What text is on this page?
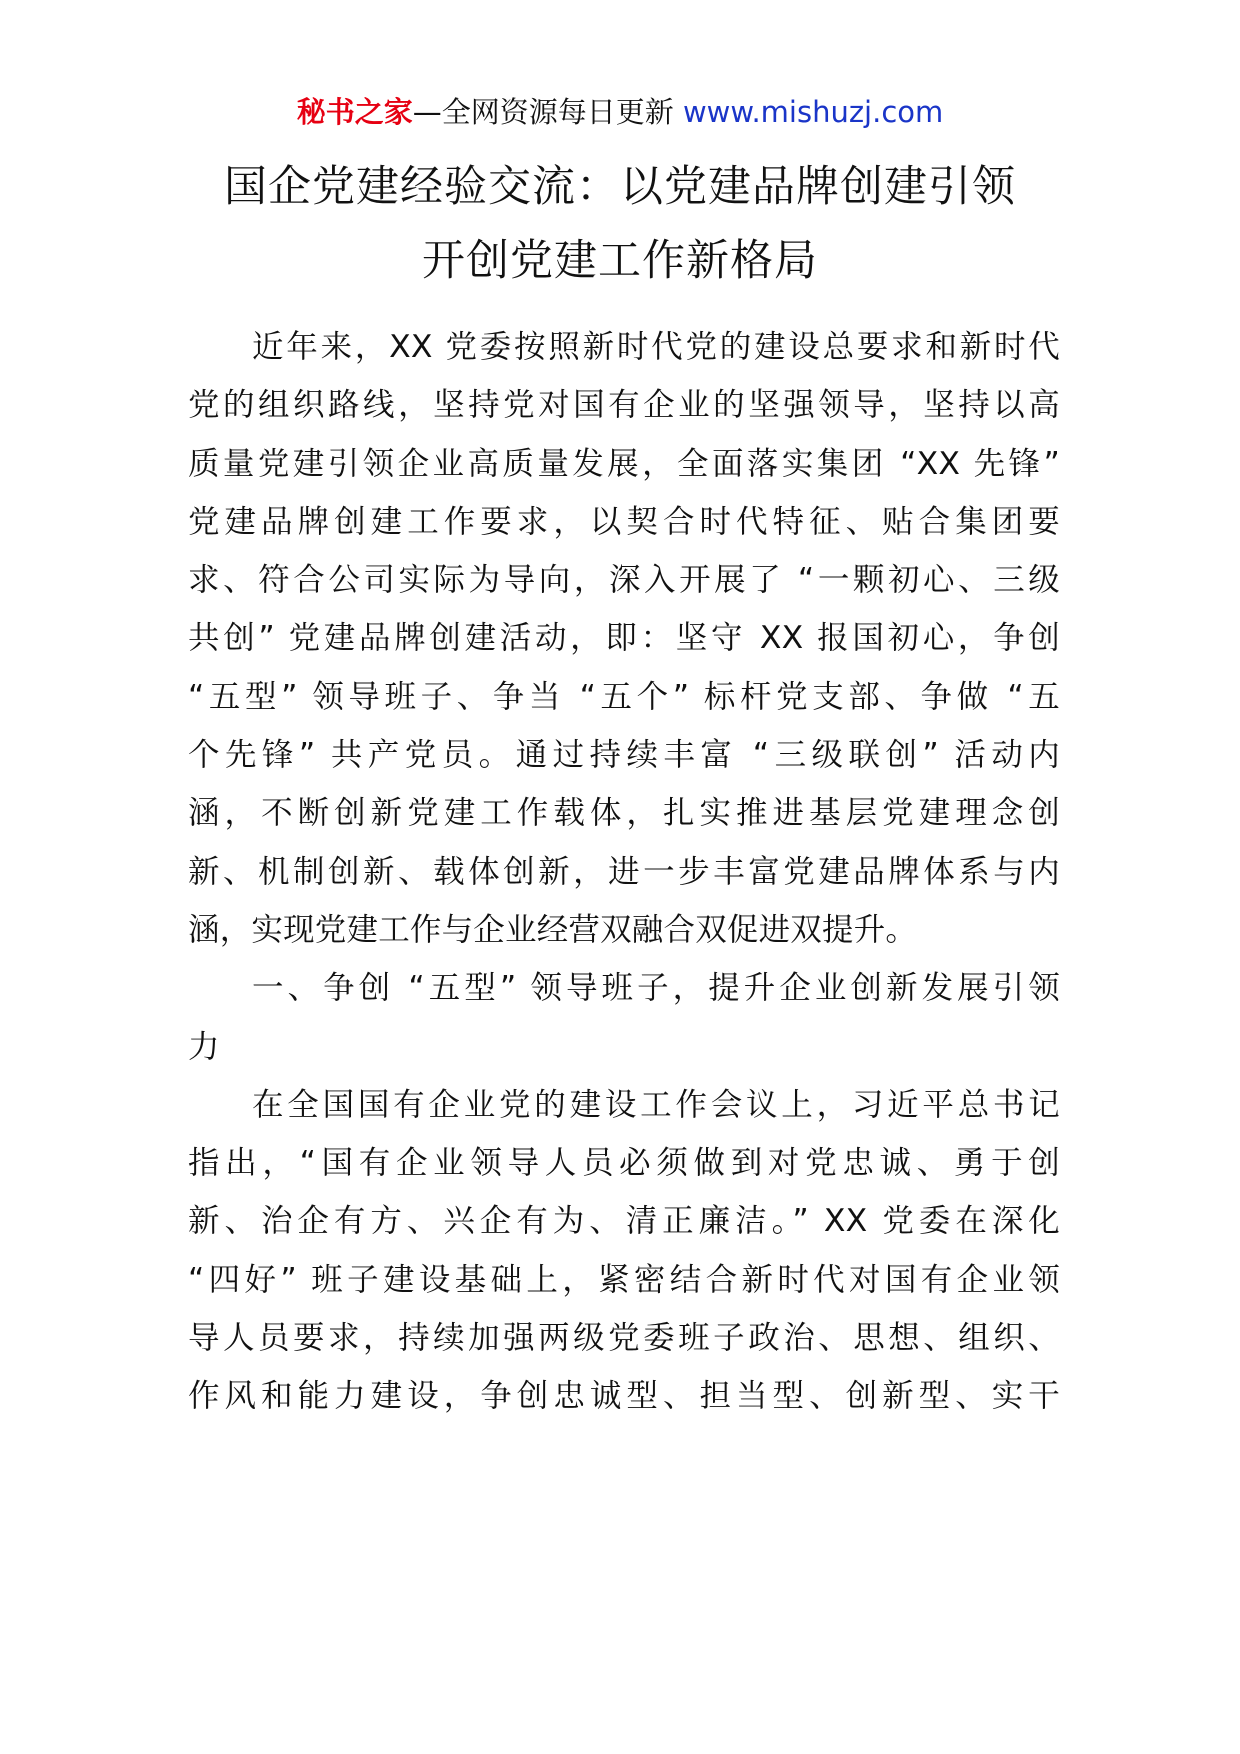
秘书之家—全网资源每日更新 www.mishuzj.com
国企党建经验交流：以党建品牌创建引领
开创党建工作新格局
近年来，XX 党委按照新时代党的建设总要求和新时代
党的组织路线，坚持党对国有企业的坚强领导，坚持以高
质量党建引领企业高质量发展，全面落实集团 “XX 先锋”
党建品牌创建工作要求，以契合时代特征、贴合集团要
求、符合公司实际为导向，深入开展了 “一颗初心、三级
共创” 党建品牌创建活动，即：坚守 XX 报国初心，争创
“五型” 领导班子、争当 “五个” 标杆党支部、争做 “五
个先锋” 共产党员。通过持续丰富 “三级联创” 活动内
涵，不断创新党建工作载体，扎实推进基层党建理念创
新、机制创新、载体创新，进一步丰富党建品牌体系与内
涵，实现党建工作与企业经营双融合双促进双提升。
一、争创 “五型” 领导班子，提升企业创新发展引领
力
在全国国有企业党的建设工作会议上，习近平总书记
指出，“国有企业领导人员必须做到对党忠诚、勇于创
新、治企有方、兴企有为、清正廉洁。” XX 党委在深化
“四好” 班子建设基础上，紧密结合新时代对国有企业领
导人员要求，持续加强两级党委班子政治、思想、组织、
作风和能力建设，争创忠诚型、担当型、创新型、实干
